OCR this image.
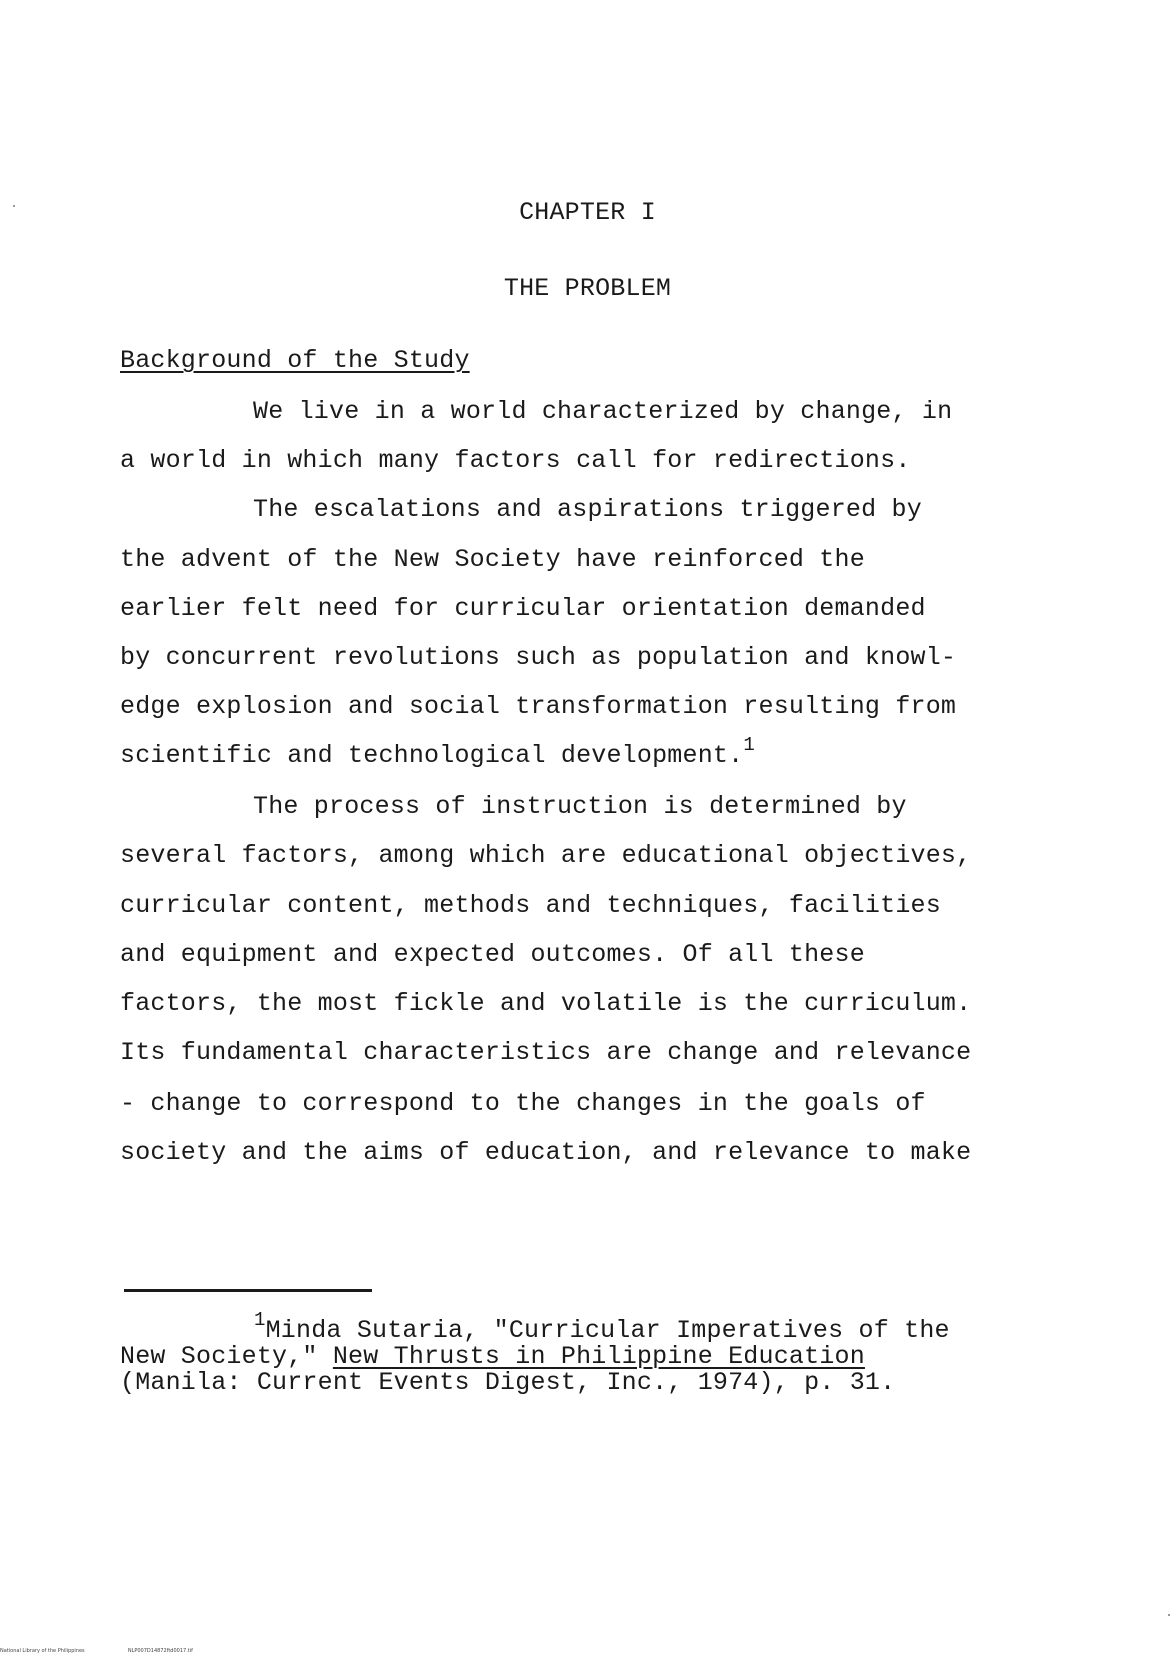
CHAPTER I
THE PROBLEM
Background of the Study
We live in a world characterized by change, in
a world in which many factors call for redirections.
The escalations and aspirations triggered by
the advent of the New Society have reinforced the
earlier felt need for curricular orientation demanded
by concurrent revolutions such as population and knowl-
edge explosion and social transformation resulting from
scientific and technological development.$^1$
The process of instruction is determined by
several factors, among which are educational objectives,
curricular content, methods and techniques, facilities
and equipment and expected outcomes. Of all these
factors, the most fickle and volatile is the curriculum.
Its fundamental characteristics are change and relevance
- change to correspond to the changes in the goals of
society and the aims of education, and relevance to make
$^1$Minda Sutaria, "Curricular Imperatives of the
New Society," New Thrusts in Philippine Education
(Manila: Current Events Digest, Inc., 1974), p. 31.
National Library of the Philippines	NLP007D14872ftd0017.tif
